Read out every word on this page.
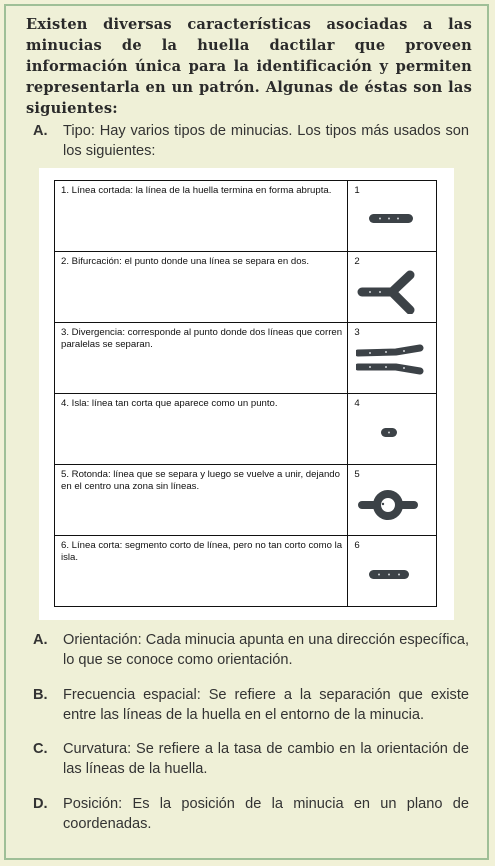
Existen diversas características asociadas a las minucias de la huella dactilar que proveen información única para la identificación y permiten representarla en un patrón. Algunas de éstas son las siguientes:
A. Tipo: Hay varios tipos de minucias. Los tipos más usados son los siguientes:
1. Línea cortada: la línea de la huella termina en forma abrupta.	1

2. Bifurcación: el punto donde una línea se separa en dos.	2

3. Divergencia: corresponde al punto donde dos líneas que corren paralelas se separan.	3

4. Isla: línea tan corta que aparece como un punto.	4

5. Rotonda: línea que se separa y luego se vuelve a unir, dejando en el centro una zona sin líneas.	5

6. Línea corta: segmento corto de línea, pero no tan corto como la isla.	6
A. Orientación: Cada minucia apunta en una dirección específica, lo que se conoce como orientación.
B. Frecuencia espacial: Se refiere a la separación que existe entre las líneas de la huella en el entorno de la minucia.
C. Curvatura: Se refiere a la tasa de cambio en la orientación de las líneas de la huella.
D. Posición: Es la posición de la minucia en un plano de coordenadas.
